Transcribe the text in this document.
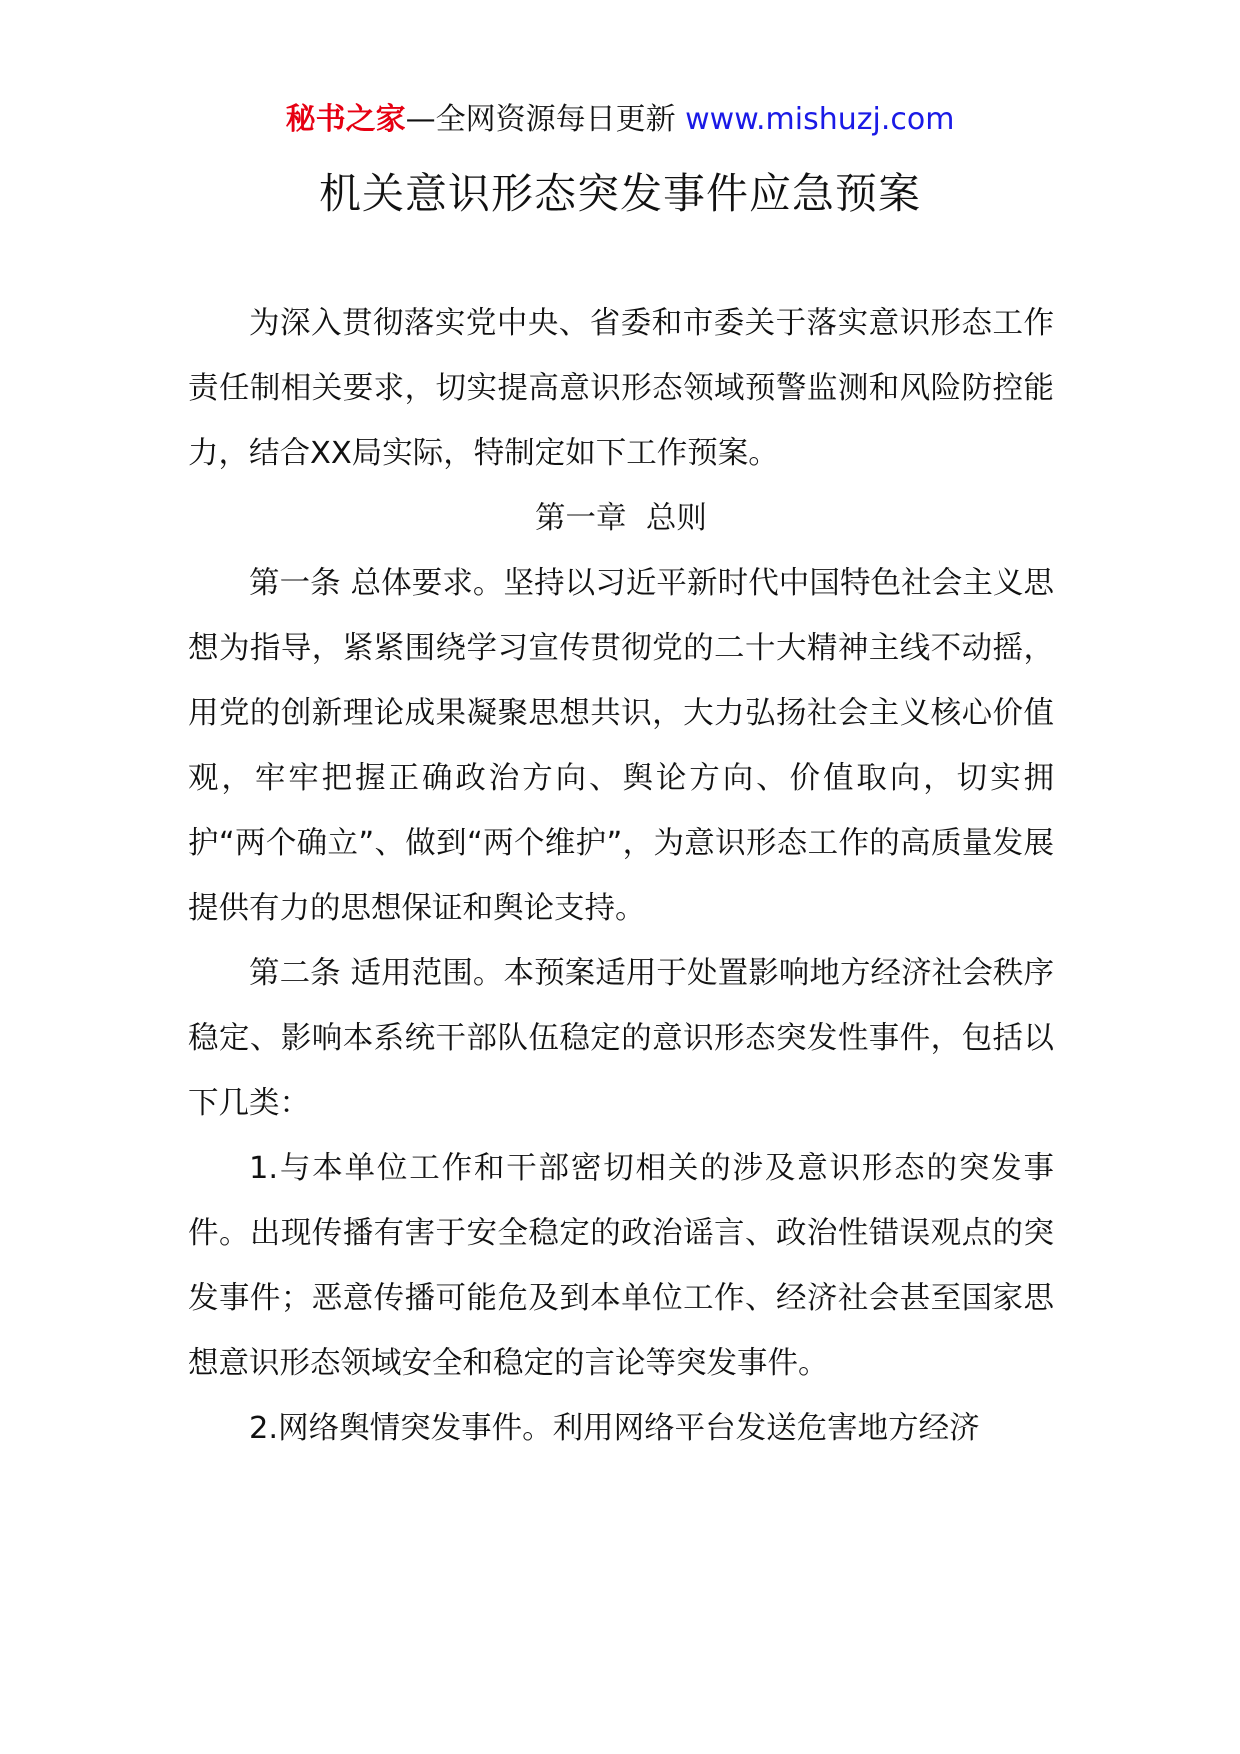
秘书之家—全网资源每日更新 www.mishuzj.com
机关意识形态突发事件应急预案

为深入贯彻落实党中央、省委和市委关于落实意识形态工作责任制相关要求，切实提高意识形态领域预警监测和风险防控能力，结合XX局实际，特制定如下工作预案。

第一章  总则

第一条 总体要求。坚持以习近平新时代中国特色社会主义思想为指导，紧紧围绕学习宣传贯彻党的二十大精神主线不动摇，用党的创新理论成果凝聚思想共识，大力弘扬社会主义核心价值观，牢牢把握正确政治方向、舆论方向、价值取向，切实拥护“两个确立”、做到“两个维护”，为意识形态工作的高质量发展提供有力的思想保证和舆论支持。

第二条 适用范围。本预案适用于处置影响地方经济社会秩序稳定、影响本系统干部队伍稳定的意识形态突发性事件，包括以下几类：

1.与本单位工作和干部密切相关的涉及意识形态的突发事件。出现传播有害于安全稳定的政治谣言、政治性错误观点的突发事件；恶意传播可能危及到本单位工作、经济社会甚至国家思想意识形态领域安全和稳定的言论等突发事件。

2.网络舆情突发事件。利用网络平台发送危害地方经济
